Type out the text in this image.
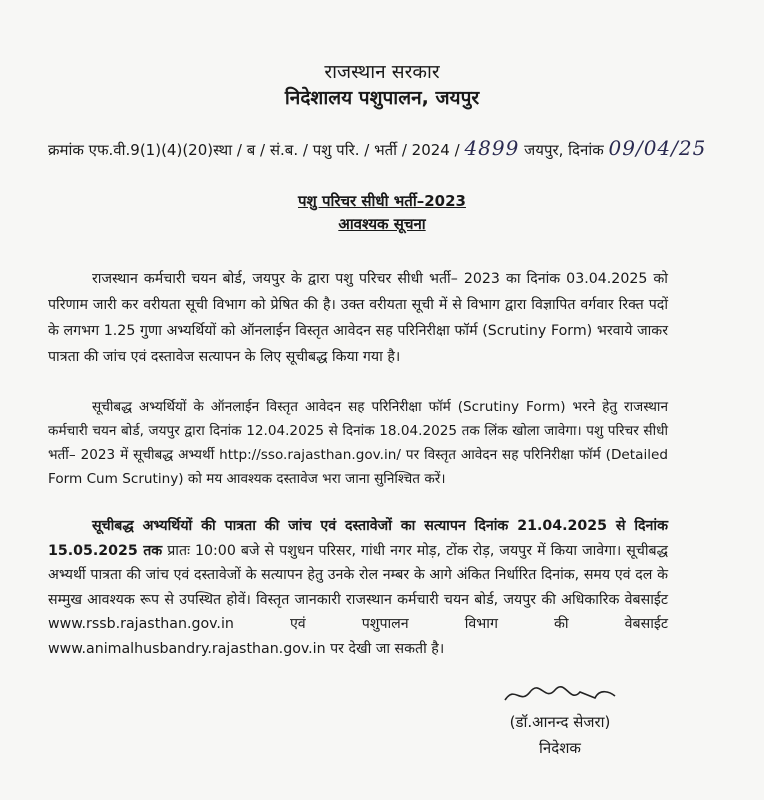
राजस्थान सरकार
निदेशालय पशुपालन, जयपुर
क्रमांक एफ.वी.9(1)(4)(20)स्था / ब / सं.ब. / पशु परि. / भर्ती / 2024 / 4899 जयपुर, दिनांक 09/04/25
पशु परिचर सीधी भर्ती–2023
आवश्यक सूचना
राजस्थान कर्मचारी चयन बोर्ड, जयपुर के द्वारा पशु परिचर सीधी भर्ती– 2023 का दिनांक 03.04.2025 को परिणाम जारी कर वरीयता सूची विभाग को प्रेषित की है। उक्त वरीयता सूची में से विभाग द्वारा विज्ञापित वर्गवार रिक्त पदों के लगभग 1.25 गुणा अभ्यर्थियों को ऑनलाईन विस्तृत आवेदन सह परिनिरीक्षा फॉर्म (Scrutiny Form) भरवाये जाकर पात्रता की जांच एवं दस्तावेज सत्यापन के लिए सूचीबद्ध किया गया है।
सूचीबद्ध अभ्यर्थियों के ऑनलाईन विस्तृत आवेदन सह परिनिरीक्षा फॉर्म (Scrutiny Form) भरने हेतु राजस्थान कर्मचारी चयन बोर्ड, जयपुर द्वारा दिनांक 12.04.2025 से दिनांक 18.04.2025 तक लिंक खोला जावेगा। पशु परिचर सीधी भर्ती– 2023 में सूचीबद्ध अभ्यर्थी http://sso.rajasthan.gov.in/ पर विस्तृत आवेदन सह परिनिरीक्षा फॉर्म (Detailed Form Cum Scrutiny) को मय आवश्यक दस्तावेज भरा जाना सुनिश्चित करें।
सूचीबद्ध अभ्यर्थियों की पात्रता की जांच एवं दस्तावेजों का सत्यापन दिनांक 21.04.2025 से दिनांक 15.05.2025 तक प्रातः 10:00 बजे से पशुधन परिसर, गांधी नगर मोड़, टोंक रोड़, जयपुर में किया जावेगा। सूचीबद्ध अभ्यर्थी पात्रता की जांच एवं दस्तावेजों के सत्यापन हेतु उनके रोल नम्बर के आगे अंकित निर्धारित दिनांक, समय एवं दल के सम्मुख आवश्यक रूप से उपस्थित होवें। विस्तृत जानकारी राजस्थान कर्मचारी चयन बोर्ड, जयपुर की अधिकारिक वेबसाईट www.rssb.rajasthan.gov.in एवं पशुपालन विभाग की वेबसाईट www.animalhusbandry.rajasthan.gov.in पर देखी जा सकती है।
(डॉ.आनन्द सेजरा)
निदेशक
